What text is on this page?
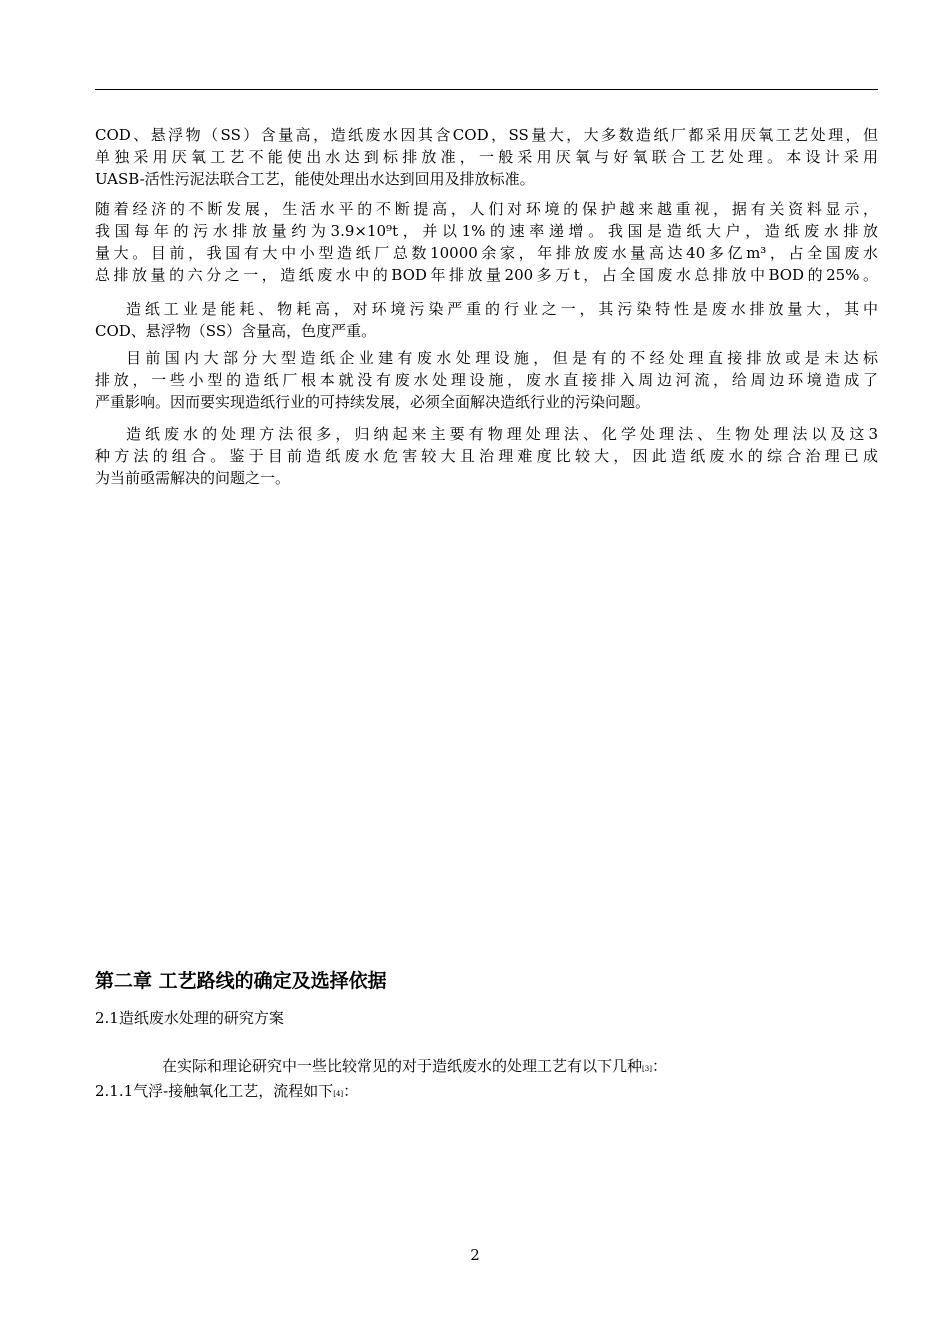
COD、悬浮物（SS）含量高，造纸废水因其含COD，SS量大，大多数造纸厂都采用厌氧工艺处理，但
单独采用厌氧工艺不能使出水达到标排放准，一般采用厌氧与好氧联合工艺处理。本设计采用
UASB-活性污泥法联合工艺，能使处理出水达到回用及排放标准。
随着经济的不断发展，生活水平的不断提高，人们对环境的保护越来越重视，据有关资料显示，
我国每年的污水排放量约为3.9×10⁹t，并以1%的速率递增。我国是造纸大户，造纸废水排放
量大。目前，我国有大中小型造纸厂总数10000余家，年排放废水量高达40多亿m³，占全国废水
总排放量的六分之一，造纸废水中的BOD年排放量200多万t，占全国废水总排放中BOD的25%。
造纸工业是能耗、物耗高，对环境污染严重的行业之一，其污染特性是废水排放量大，其中
COD、悬浮物（SS）含量高，色度严重。
目前国内大部分大型造纸企业建有废水处理设施，但是有的不经处理直接排放或是未达标
排放，一些小型的造纸厂根本就没有废水处理设施，废水直接排入周边河流，给周边环境造成了
严重影响。因而要实现造纸行业的可持续发展，必须全面解决造纸行业的污染问题。
造纸废水的处理方法很多，归纳起来主要有物理处理法、化学处理法、生物处理法以及这3
种方法的组合。鉴于目前造纸废水危害较大且治理难度比较大，因此造纸废水的综合治理已成
为当前亟需解决的问题之一。
第二章 工艺路线的确定及选择依据
2.1造纸废水处理的研究方案
在实际和理论研究中一些比较常见的对于造纸废水的处理工艺有以下几种[3]：
2.1.1气浮-接触氧化工艺，流程如下[4]：
2
